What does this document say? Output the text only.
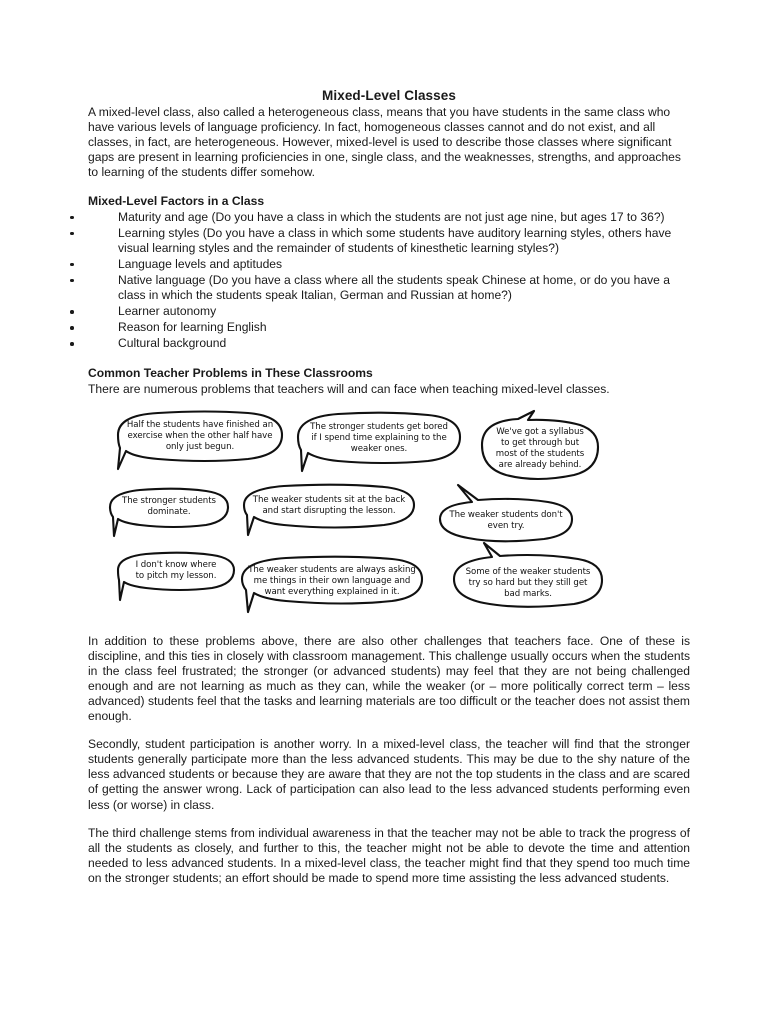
Mixed-Level Classes

A mixed-level class, also called a heterogeneous class, means that you have students in the same class who have various levels of language proficiency. In fact, homogeneous classes cannot and do not exist, and all classes, in fact, are heterogeneous. However, mixed-level is used to describe those classes where significant gaps are present in learning proficiencies in one, single class, and the weaknesses, strengths, and approaches to learning of the students differ somehow.

Mixed-Level Factors in a Class
Maturity and age (Do you have a class in which the students are not just age nine, but ages 17 to 36?)
Learning styles (Do you have a class in which some students have auditory learning styles, others have visual learning styles and the remainder of students of kinesthetic learning styles?)
Language levels and aptitudes
Native language (Do you have a class where all the students speak Chinese at home, or do you have a class in which the students speak Italian, German and Russian at home?)
Learner autonomy
Reason for learning English
Cultural background
Common Teacher Problems in These Classrooms

There are numerous problems that teachers will and can face when teaching mixed-level classes.

Half the students have finished an
exercise when the other half have
only just begun.
The stronger students get bored
if I spend time explaining to the
weaker ones.
We've got a syllabus
to get through but
most of the students
are already behind.
The stronger students
dominate.
The weaker students sit at the back
and start disrupting the lesson.	The weaker students don't
even try.
I don't know where
to pitch my lesson.
The weaker students are always asking
me things in their own language and
want everything explained in it.
Some of the weaker students
try so hard but they still get
bad marks.

In addition to these problems above, there are also other challenges that teachers face. One of these is discipline, and this ties in closely with classroom management. This challenge usually occurs when the students in the class feel frustrated; the stronger (or advanced students) may feel that they are not being challenged enough and are not learning as much as they can, while the weaker (or – more politically correct term – less advanced) students feel that the tasks and learning materials are too difficult or the teacher does not assist them enough.

Secondly, student participation is another worry. In a mixed-level class, the teacher will find that the stronger students generally participate more than the less advanced students. This may be due to the shy nature of the less advanced students or because they are aware that they are not the top students in the class and are scared of getting the answer wrong. Lack of participation can also lead to the less advanced students performing even less (or worse) in class.

The third challenge stems from individual awareness in that the teacher may not be able to track the progress of all the students as closely, and further to this, the teacher might not be able to devote the time and attention needed to less advanced students. In a mixed-level class, the teacher might find that they spend too much time on the stronger students; an effort should be made to spend more time assisting the less advanced students.
